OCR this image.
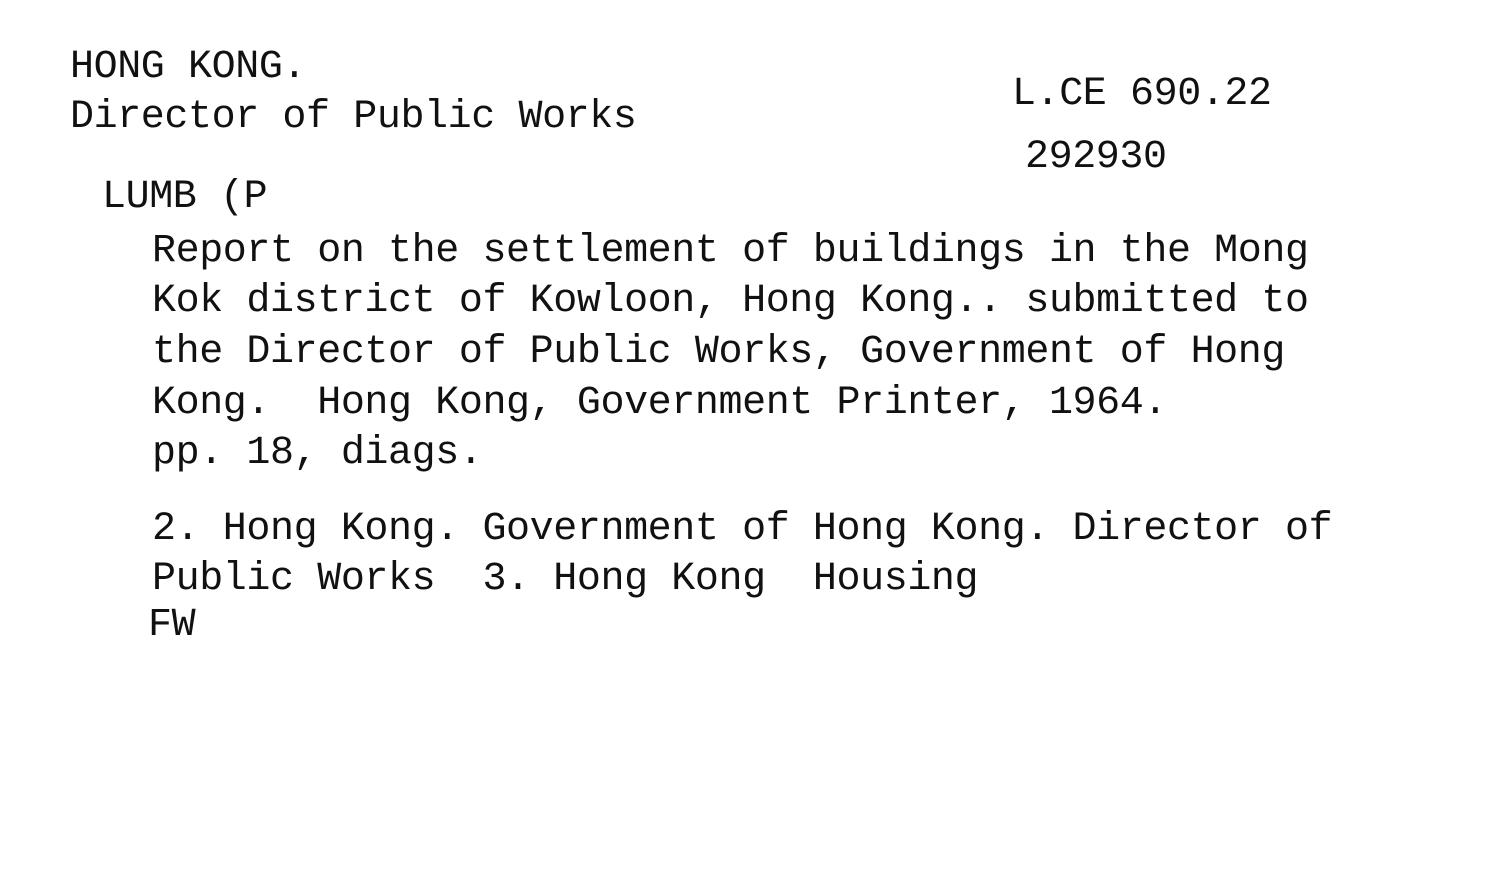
HONG KONG.
Director of Public Works
L.CE 690.22
292930
LUMB (P
Report on the settlement of buildings in the Mong
Kok district of Kowloon, Hong Kong.. submitted to
the Director of Public Works, Government of Hong
Kong.  Hong Kong, Government Printer, 1964.
pp. 18, diags.
2. Hong Kong. Government of Hong Kong. Director of
Public Works  3. Hong Kong  Housing
FW
